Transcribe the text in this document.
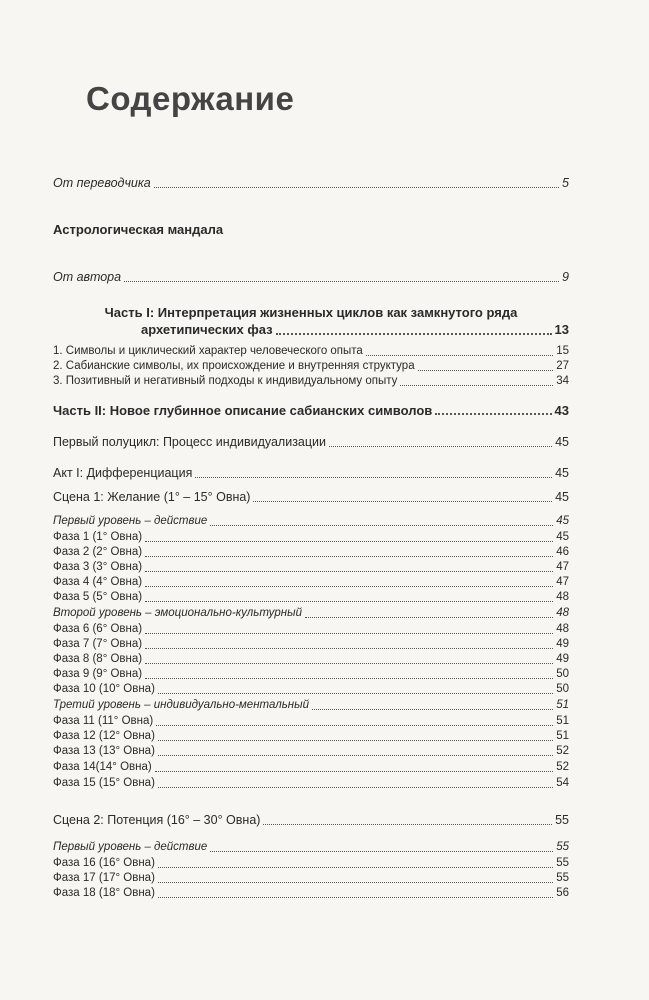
Содержание
От переводчика	5
Астрологическая мандала
От автора	9
Часть I: Интерпретация жизненных циклов как замкнутого ряда
архетипических фаз	13
1. Символы и циклический характер человеческого опыта	15
2. Сабианские символы, их происхождение и внутренняя структура	27
3. Позитивный и негативный подходы к индивидуальному опыту	34
Часть II: Новое глубинное описание сабианских символов	43
Первый полуцикл: Процесс индивидуализации	45
Акт I: Дифференциация	45
Сцена 1: Желание (1° – 15° Овна)	45
Первый уровень – действие	45
Фаза 1 (1° Овна)	45
Фаза 2 (2° Овна)	46
Фаза 3 (3° Овна)	47
Фаза 4 (4° Овна)	47
Фаза 5 (5° Овна)	48
Второй уровень – эмоционально-культурный	48
Фаза 6 (6° Овна)	48
Фаза 7 (7° Овна)	49
Фаза 8 (8° Овна)	49
Фаза 9 (9° Овна)	50
Фаза 10 (10° Овна)	50
Третий уровень – индивидуально-ментальный	51
Фаза 11 (11° Овна)	51
Фаза 12 (12° Овна)	51
Фаза 13 (13° Овна)	52
Фаза 14(14° Овна)	52
Фаза 15 (15° Овна)	54
Сцена 2: Потенция (16° – 30° Овна)	55
Первый уровень – действие	55
Фаза 16 (16° Овна)	55
Фаза 17 (17° Овна)	55
Фаза 18 (18° Овна)	56
